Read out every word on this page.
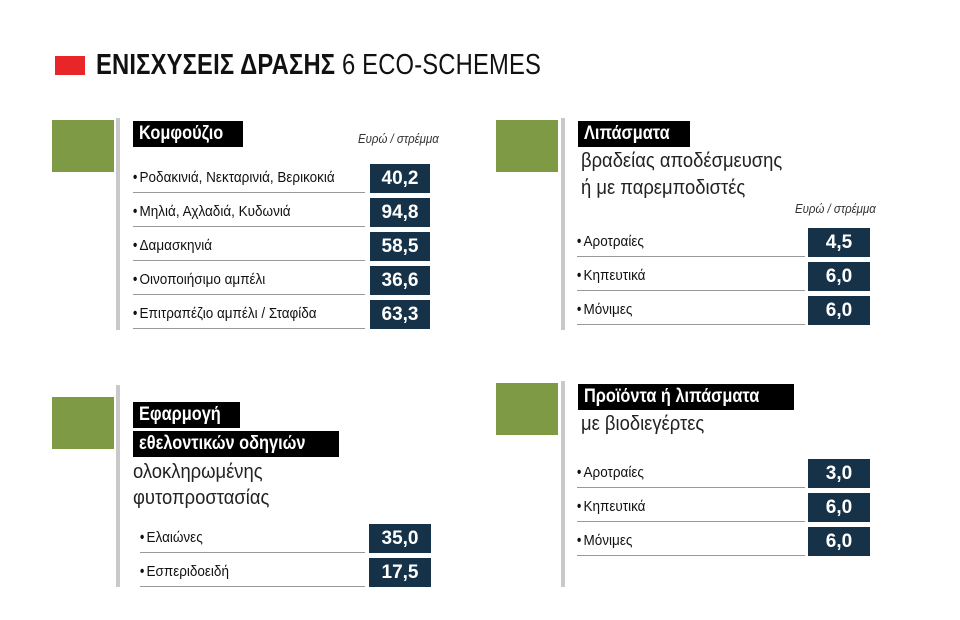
ΕΝΙΣΧΥΣΕΙΣ ΔΡΑΣΗΣ 6 ECO-SCHEMES
Κομφούζιο	Ευρώ / στρέμμα
• Ροδακινιά, Νεκταρινιά, Βερικοκιά	40,2
• Μηλιά, Αχλαδιά, Κυδωνιά	94,8
• Δαμασκηνιά	58,5
• Οινοποιήσιμο αμπέλι	36,6
• Επιτραπέζιο αμπέλι / Σταφίδα	63,3
Λιπάσματα
βραδείας αποδέσμευσης
ή με παρεμποδιστές
Ευρώ / στρέμμα
• Αροτραίες	4,5
• Κηπευτικά	6,0
• Μόνιμες	6,0
Εφαρμογή
εθελοντικών οδηγιών
ολοκληρωμένης
φυτοπροστασίας
• Ελαιώνες	35,0
• Εσπεριδοειδή	17,5
Προϊόντα ή λιπάσματα
με βιοδιεγέρτες
• Αροτραίες	3,0
• Κηπευτικά	6,0
• Μόνιμες	6,0
